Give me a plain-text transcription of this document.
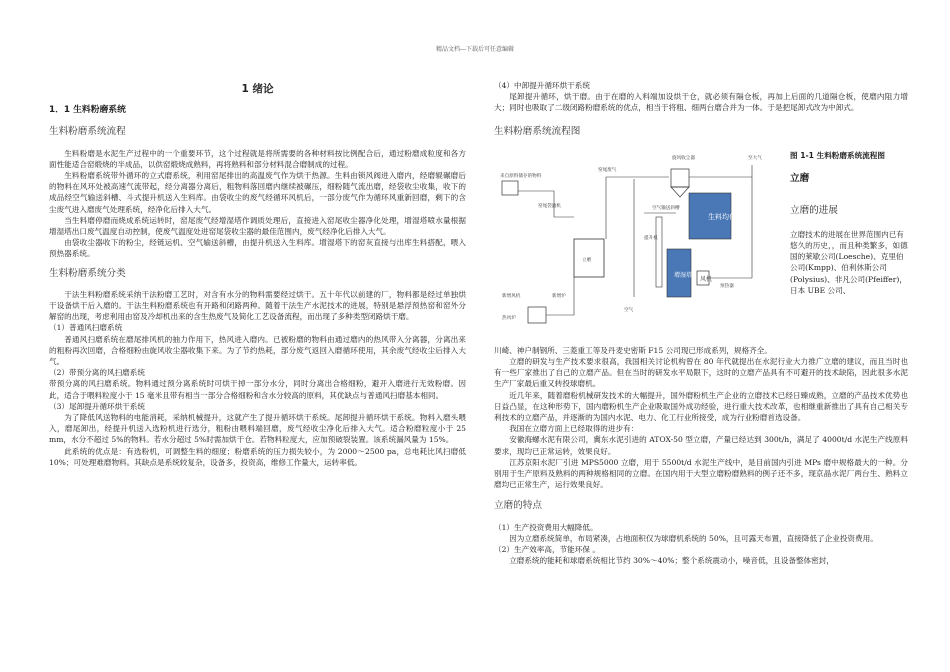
精品文档---下载后可任意编辑
1 绪论
1．1 生料粉磨系统
生料粉磨系统流程

生料粉磨是水泥生产过程中的一个重要环节，这个过程就是将所需要的各种材料按比例配合后，通过粉磨成粒度和各方面性能适合窑煅烧的半成品，以供窑煅烧成熟料，再将熟料和部分材料混合磨制成的过程。

生料粉磨系统带外循环的立式磨系统，利用窑尾排出的高温废气作为烘干热源。生料由锁风阀进入磨内，经磨辊碾磨后的物料在风环处被高速气流带起，经分离器分离后，粗物料落回磨内继续被碾压，细粉随气流出磨，经袋收尘收集，收下的成品经空气输送斜槽、斗式提升机送入生料库。由袋收尘的废气经循环风机后，一部分废气作为循环风重新回磨，剩下的含尘废气进入磨废气处理系统，经净化后排入大气。

当生料磨停磨而烧成系统运转时，窑尾废气经增湿塔作调质处理后，直接进入窑尾收尘器净化处理，增湿塔喷水量根据增湿塔出口废气温度自动控制，使废气温度处进窑尾袋收尘器的最佳范围内，废气经净化后排入大气。

由袋收尘器收下的粉尘，经链运机、空气输送斜槽，由提升机送入生料库。增湿塔下的窑灰直接与出库生料搭配，喂入预热器系统。

生料粉磨系统分类

干法生料粉磨系统采纳干法粉磨工艺时，对含有水分的物料需要经过烘干。五十年代以前建的厂，物料都是经过单独烘干设备烘干后入磨的。干法生料粉磨系统也有开路和闭路两种。随着干法生产水泥技术的进展，特别是悬浮预热窑和窑外分解窑的出现，考虑利用由窑及冷却机出来的含生热废气及简化工艺设备流程，而出现了多种类型闭路烘干磨。

（1）普通风扫磨系统

普通风扫磨系统在磨尾排风机的抽力作用下，热风进入磨内。已被粉磨的物料由通过磨内的热风带入分离器，分离出来的粗粉再次回磨，合格细粉由旋风收尘器收集下来。为了节约热耗，部分废气返回入磨循环使用，其余废气经收尘后排入大气。

（2）带预分离的风扫磨系统

带预分离的风扫磨系统。物料通过预分离系统时可烘干掉一部分水分，同时分离出合格细粉，避开入磨进行无效粉磨。因此，适合于喂料粒度小于 15 毫米且带有相当一部分合格细粉和含水分较高的原料，其优缺点与普通风扫磨基本相同。

（3）尾卸提升循环烘干系统

为了降低风送物料的电能消耗，采纳机械提升，这就产生了提升循环烘干系统。尾卸提升循环烘干系统。物料入磨头喂入，磨尾卸出，经提升机送入选粉机进行选分，粗粉由喂料端回磨，废气经收尘净化后排入大气。适合粉磨粒度小于 25 mm，水分不超过 5%的物料。若水分超过 5%时需加烘干仓。若物料粒度大，应加预破裂装置。该系统漏风量为 15%。

此系统的优点是：有选粉机，可调整生料的细度；粉磨系统的压力损失较小，为 2000～2500 pa，总电耗比风扫磨低 10%；可处理难磨物料。其缺点是系统较复杂，设备多，投资高，维修工作量大，运转率低。

（4）中卸提升循环烘干系统

尾卸提升循环，烘干磨。由于在磨的入料端加设烘干仓，就必须有隔仓板，再加上后面的几道隔仓板，使磨内阻力增大；同时也吸取了二级闭路粉磨系统的优点，相当于将粗、细两台磨合并为一体。于是把尾卸式改为中卸式。

生料粉磨系统流程图
来自原料储存的物料
窑尾袋滤机
立磨
窑尾废气
旋风收尘器	至大气
空气输送斜槽
提升机
生料均化库
增湿塔
风机
预热器
新增风机
热风炉
空气
新增炉
图 1-1 生料粉磨系统流程图
立磨
立磨的进展
立磨技术的进展在世界范围内已有悠久的历史，，而且种类繁多，如德国的莱歇公司(Loesche)、克里伯公司(Kmpp)、伯利休斯公司(Polysius)、非凡公司(Pfeiffer)，日本 UBE 公司、

川崎、神户制钢所、三菱重工等及丹麦史密斯 F15 公司现已形成系列，规格齐全。

立磨的研发与生产技术要求很高，我国相关讨论机构曾在 80 年代就提出在水泥行业大力推广立磨的建议，而且当时也有一些厂家推出了自己的立磨产品。但在当时的研发水平局限下，这时的立磨产品具有不可避开的技术缺陷，因此很多水泥生产厂家最后重又转投球磨机。

近几年来，随着磨粉机械研发技术的大幅提升，国外磨粉机生产企业的立磨技术已经日臻成熟，立磨的产品技术优势也日益凸显，在这种形势下，国内磨粉机生产企业吸取国外成功经验，进行重大技术改革，也相继重新推出了具有自己相关专利技术的立磨产品，并逐渐的为国内水泥、电力、化工行业所接受，成为行业粉磨首选设备。

我国在立磨方面上已经取得的进步有：

安徽海螺水泥有限公司，冀东水泥引进的 ATOX-50 型立磨，产量已经达到 300t/h，满足了 4000t/d 水泥生产线原料要求，现均已正常运转，效果良好。

江苏京阳水泥厂引进 MPS5000 立磨，用于 5500t/d 水泥生产线中，是目前国内引进 MPs 磨中规格最大的一种。分别用于生产原料及熟料的两种规格相同的立磨。在国内用于大型立磨粉磨熟料的例子还不多，现京晶水泥厂两台生、熟料立磨均已正常生产，运行效果良好。

立磨的特点

（1）生产投资费用大幅降低。

因为立磨系统简单，布局紧凑，占地面积仅为球磨机系统的 50%，且可露天布置，直接降低了企业投资费用。

（2）生产效率高，节能环保 。

立磨系统的能耗和球磨系统相比节约 30%～40%；整个系统震动小，噪音低，且设备整体密封，
